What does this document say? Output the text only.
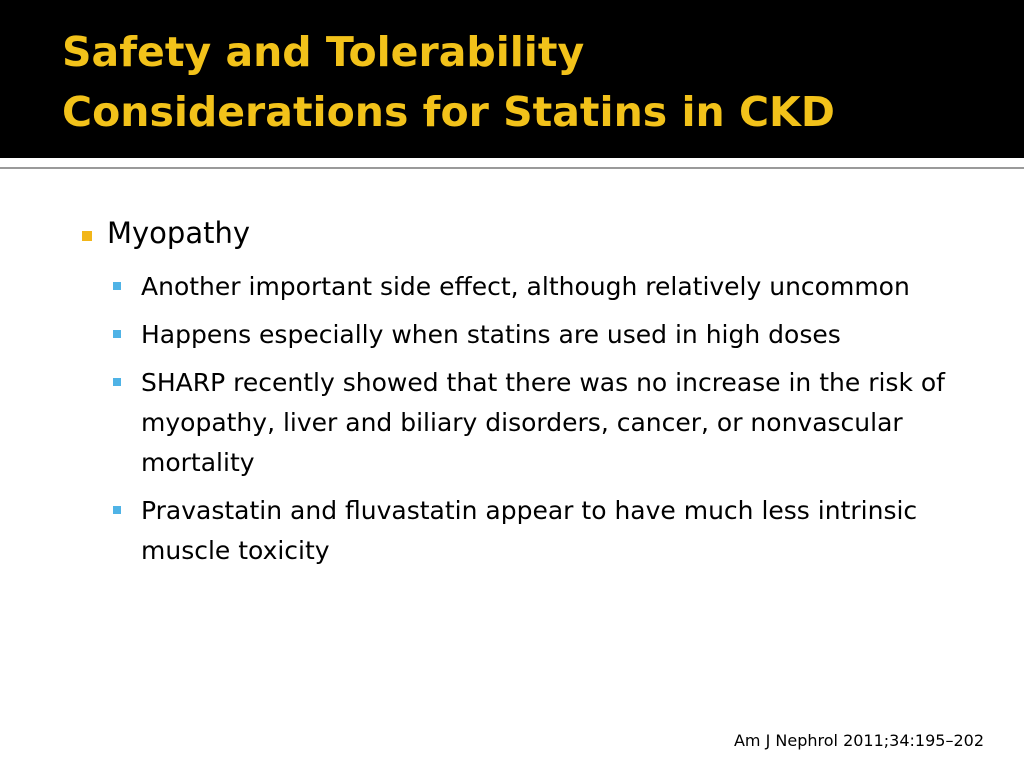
Safety and Tolerability
Considerations for Statins in CKD
Myopathy
Another important side effect, although relatively uncommon
Happens especially when statins are used in high doses
SHARP recently showed that there was no increase in the risk of myopathy, liver and biliary disorders, cancer, or nonvascular mortality
Pravastatin and fluvastatin appear to have much less intrinsic muscle toxicity
Am J Nephrol 2011;34:195–202
